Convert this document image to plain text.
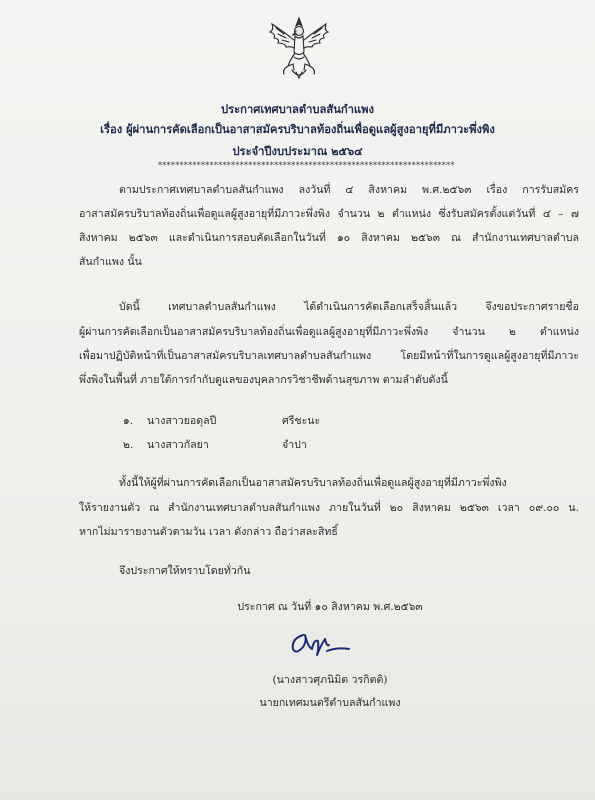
ประกาศเทศบาลตำบลสันกำแพง
เรื่อง ผู้ผ่านการคัดเลือกเป็นอาสาสมัครบริบาลท้องถิ่นเพื่อดูแลผู้สูงอายุที่มีภาวะพึ่งพิง
ประจำปีงบประมาณ ๒๕๖๔
*********************************************************************
ตามประกาศเทศบาลตำบลสันกำแพง ลงวันที่ ๔ สิงหาคม พ.ศ.๒๕๖๓ เรื่อง การรับสมัคร
อาสาสมัครบริบาลท้องถิ่นเพื่อดูแลผู้สูงอายุที่มีภาวะพึ่งพิง จำนวน ๒ ตำแหน่ง ซึ่งรับสมัครตั้งแต่วันที่ ๔ – ๗
สิงหาคม ๒๕๖๓ และดำเนินการสอบคัดเลือกในวันที่ ๑๐ สิงหาคม ๒๕๖๓ ณ สำนักงานเทศบาลตำบล
สันกำแพง นั้น
บัดนี้ เทศบาลตำบลสันกำแพง ได้ดำเนินการคัดเลือกเสร็จสิ้นแล้ว จึงขอประกาศรายชื่อ
ผู้ผ่านการคัดเลือกเป็นอาสาสมัครบริบาลท้องถิ่นเพื่อดูแลผู้สูงอายุที่มีภาวะพึ่งพิง จำนวน ๒ ตำแหน่ง
เพื่อมาปฏิบัติหน้าที่เป็นอาสาสมัครบริบาลเทศบาลตำบลสันกำแพง โดยมีหน้าที่ในการดูแลผู้สูงอายุที่มีภาวะ
พึ่งพิงในพื้นที่ ภายใต้การกำกับดูแลของบุคลากรวิชาชีพด้านสุขภาพ ตามลำดับดังนี้
๑. นางสาวยอดุลปี	ศรีชะนะ
๒. นางสาวกัลยา	จำปา
ทั้งนี้ให้ผู้ที่ผ่านการคัดเลือกเป็นอาสาสมัครบริบาลท้องถิ่นเพื่อดูแลผู้สูงอายุที่มีภาวะพึ่งพิง
ให้รายงานตัว ณ สำนักงานเทศบาลตำบลสันกำแพง ภายในวันที่ ๒๐ สิงหาคม ๒๕๖๓ เวลา ๐๙.๐๐ น.
หากไม่มารายงานตัวตามวัน เวลา ดังกล่าว ถือว่าสละสิทธิ์
จึงประกาศให้ทราบโดยทั่วกัน
ประกาศ ณ วันที่ ๑๐ สิงหาคม พ.ศ.๒๕๖๓
(นางสาวศุภนิมิต วรกิตติ)
นายกเทศมนตรีตำบลสันกำแพง
